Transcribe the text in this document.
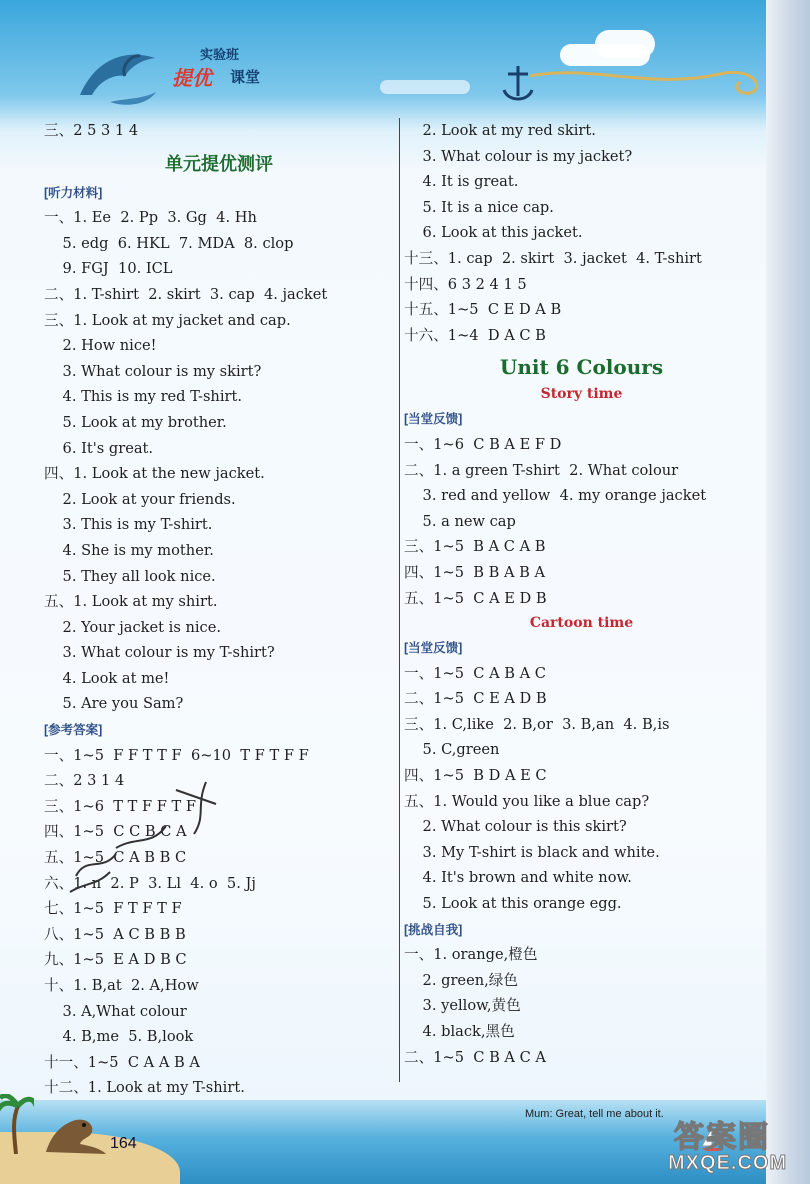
实验班
提优 课堂
三、2 5 3 1 4
单元提优测评
[听力材料]
一、1. Ee  2. Pp  3. Gg  4. Hh
5. edg  6. HKL  7. MDA  8. clop
9. FGJ  10. ICL
二、1. T-shirt  2. skirt  3. cap  4. jacket
三、1. Look at my jacket and cap.
2. How nice!
3. What colour is my skirt?
4. This is my red T-shirt.
5. Look at my brother.
6. It's great.
四、1. Look at the new jacket.
2. Look at your friends.
3. This is my T-shirt.
4. She is my mother.
5. They all look nice.
五、1. Look at my shirt.
2. Your jacket is nice.
3. What colour is my T-shirt?
4. Look at me!
5. Are you Sam?
[参考答案]
一、1~5  F F T T F  6~10  T F T F F
二、2 3 1 4
三、1~6  T T F F T F
四、1~5  C C B C A
五、1~5  C A B B C
六、1. n  2. P  3. Ll  4. o  5. Jj
七、1~5  F T F T F
八、1~5  A C B B B
九、1~5  E A D B C
十、1. B,at  2. A,How
3. A,What colour
4. B,me  5. B,look
十一、1~5  C A A B A
十二、1. Look at my T-shirt.
2. Look at my red skirt.
3. What colour is my jacket?
4. It is great.
5. It is a nice cap.
6. Look at this jacket.
十三、1. cap  2. skirt  3. jacket  4. T-shirt
十四、6 3 2 4 1 5
十五、1~5  C E D A B
十六、1~4  D A C B
Unit 6 Colours
Story time
[当堂反馈]
一、1~6  C B A E F D
二、1. a green T-shirt  2. What colour
3. red and yellow  4. my orange jacket
5. a new cap
三、1~5  B A C A B
四、1~5  B B A B A
五、1~5  C A E D B
Cartoon time
[当堂反馈]
一、1~5  C A B A C
二、1~5  C E A D B
三、1. C,like  2. B,or  3. B,an  4. B,is
5. C,green
四、1~5  B D A E C
五、1. Would you like a blue cap?
2. What colour is this skirt?
3. My T-shirt is black and white.
4. It's brown and white now.
5. Look at this orange egg.
[挑战自我]
一、1. orange,橙色
2. green,绿色
3. yellow,黄色
4. black,黑色
二、1~5  C B A C A
164
Mum: Great, tell me about it.
答案圈
MXQE.COM
